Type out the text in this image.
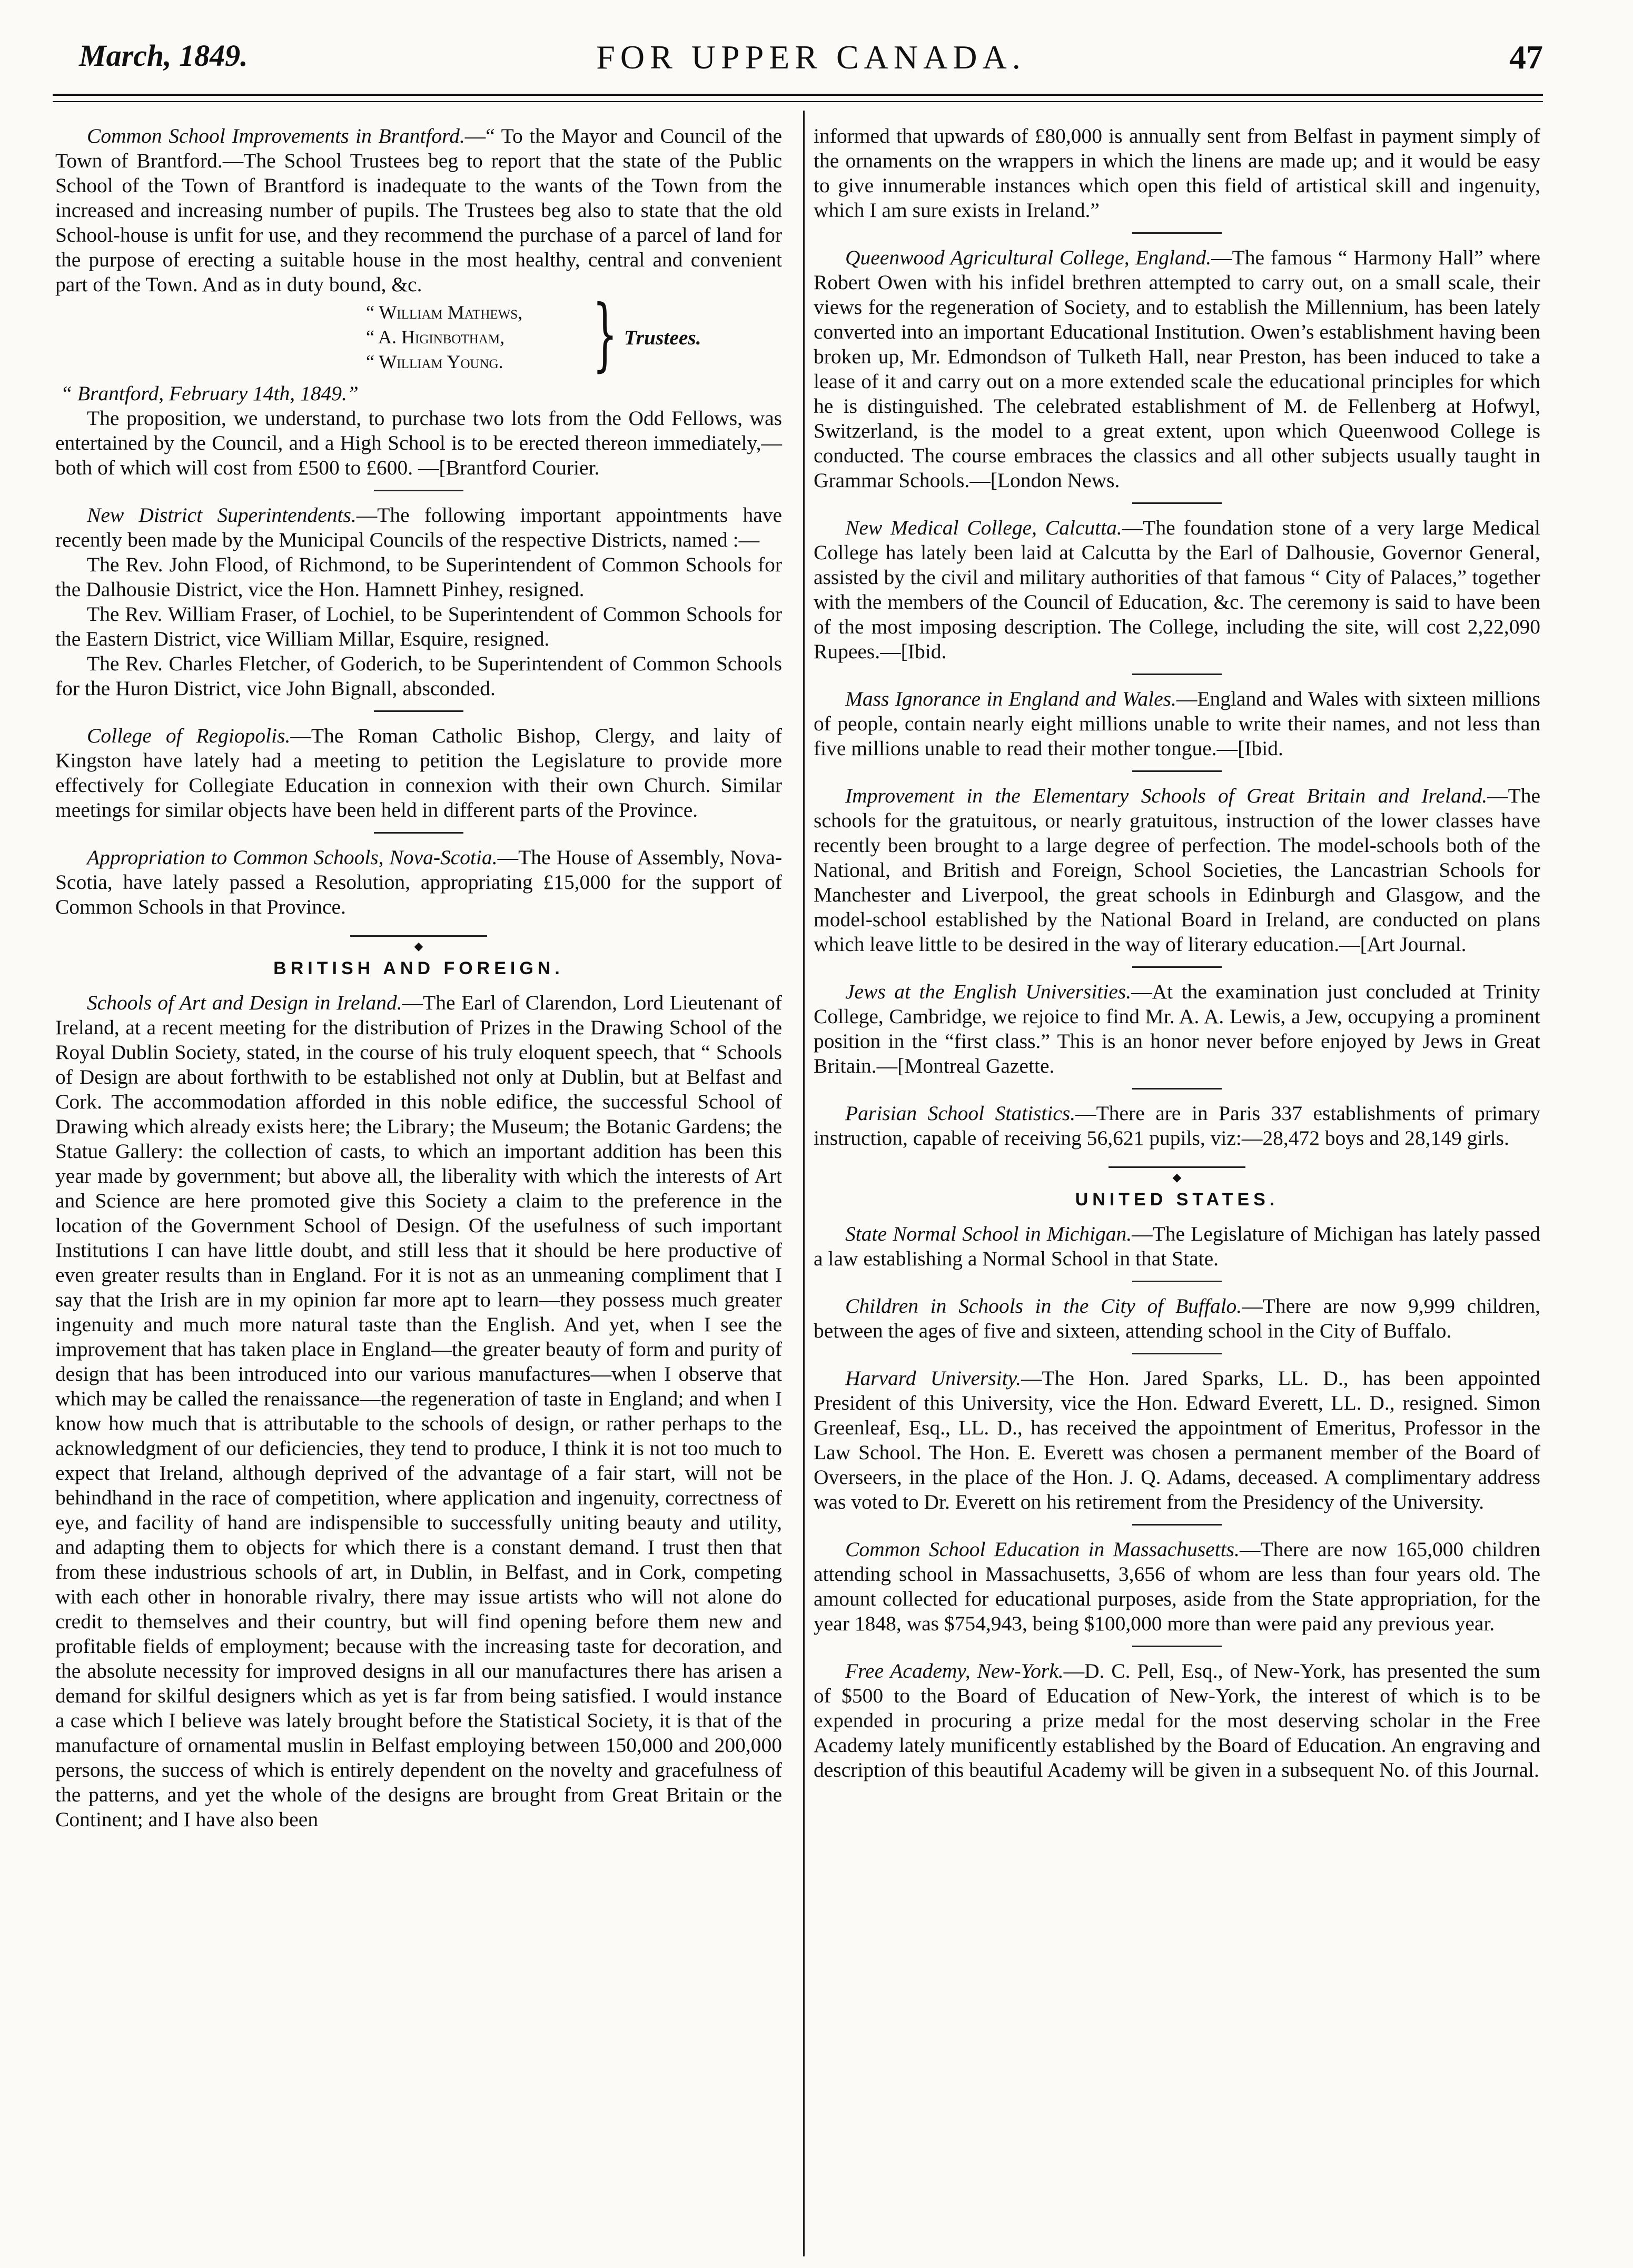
March, 1849.	FOR UPPER CANADA.	47

Common School Improvements in Brantford.—“ To the Mayor and Council of the Town of Brantford.—The School Trustees beg to report that the state of the Public School of the Town of Brantford is inadequate to the wants of the Town from the increased and increasing number of pupils. The Trustees beg also to state that the old School-house is unfit for use, and they recommend the purchase of a parcel of land for the purpose of erecting a suitable house in the most healthy, central and convenient part of the Town. And as in duty bound, &c.

“ William Mathews,
“ A. Higinbotham,
“ William Young. } Trustees.

“ Brantford, February 14th, 1849.”

The proposition, we understand, to purchase two lots from the Odd Fellows, was entertained by the Council, and a High School is to be erected thereon immediately,—both of which will cost from £500 to £600. —[Brantford Courier.

New District Superintendents.—The following important appointments have recently been made by the Municipal Councils of the respective Districts, named :—

The Rev. John Flood, of Richmond, to be Superintendent of Common Schools for the Dalhousie District, vice the Hon. Hamnett Pinhey, resigned.

The Rev. William Fraser, of Lochiel, to be Superintendent of Common Schools for the Eastern District, vice William Millar, Esquire, resigned.

The Rev. Charles Fletcher, of Goderich, to be Superintendent of Common Schools for the Huron District, vice John Bignall, absconded.

College of Regiopolis.—The Roman Catholic Bishop, Clergy, and laity of Kingston have lately had a meeting to petition the Legislature to provide more effectively for Collegiate Education in connexion with their own Church. Similar meetings for similar objects have been held in different parts of the Province.

Appropriation to Common Schools, Nova-Scotia.—The House of Assembly, Nova-Scotia, have lately passed a Resolution, appropriating £15,000 for the support of Common Schools in that Province.

◆
BRITISH AND FOREIGN.

Schools of Art and Design in Ireland.—The Earl of Clarendon, Lord Lieutenant of Ireland, at a recent meeting for the distribution of Prizes in the Drawing School of the Royal Dublin Society, stated, in the course of his truly eloquent speech, that “ Schools of Design are about forthwith to be established not only at Dublin, but at Belfast and Cork. The accommodation afforded in this noble edifice, the successful School of Drawing which already exists here; the Library; the Museum; the Botanic Gardens; the Statue Gallery: the collection of casts, to which an important addition has been this year made by government; but above all, the liberality with which the interests of Art and Science are here promoted give this Society a claim to the preference in the location of the Government School of Design. Of the usefulness of such important Institutions I can have little doubt, and still less that it should be here productive of even greater results than in England. For it is not as an unmeaning compliment that I say that the Irish are in my opinion far more apt to learn—they possess much greater ingenuity and much more natural taste than the English. And yet, when I see the improvement that has taken place in England—the greater beauty of form and purity of design that has been introduced into our various manufactures—when I observe that which may be called the renaissance—the regeneration of taste in England; and when I know how much that is attributable to the schools of design, or rather perhaps to the acknowledgment of our deficiencies, they tend to produce, I think it is not too much to expect that Ireland, although deprived of the advantage of a fair start, will not be behindhand in the race of competition, where application and ingenuity, correctness of eye, and facility of hand are indispensible to successfully uniting beauty and utility, and adapting them to objects for which there is a constant demand. I trust then that from these industrious schools of art, in Dublin, in Belfast, and in Cork, competing with each other in honorable rivalry, there may issue artists who will not alone do credit to themselves and their country, but will find opening before them new and profitable fields of employment; because with the increasing taste for decoration, and the absolute necessity for improved designs in all our manufactures there has arisen a demand for skilful designers which as yet is far from being satisfied. I would instance a case which I believe was lately brought before the Statistical Society, it is that of the manufacture of ornamental muslin in Belfast employing between 150,000 and 200,000 persons, the success of which is entirely dependent on the novelty and gracefulness of the patterns, and yet the whole of the designs are brought from Great Britain or the Continent; and I have also been

informed that upwards of £80,000 is annually sent from Belfast in payment simply of the ornaments on the wrappers in which the linens are made up; and it would be easy to give innumerable instances which open this field of artistical skill and ingenuity, which I am sure exists in Ireland.”

Queenwood Agricultural College, England.—The famous “ Harmony Hall” where Robert Owen with his infidel brethren attempted to carry out, on a small scale, their views for the regeneration of Society, and to establish the Millennium, has been lately converted into an important Educational Institution. Owen’s establishment having been broken up, Mr. Edmondson of Tulketh Hall, near Preston, has been induced to take a lease of it and carry out on a more extended scale the educational principles for which he is distinguished. The celebrated establishment of M. de Fellenberg at Hofwyl, Switzerland, is the model to a great extent, upon which Queenwood College is conducted. The course embraces the classics and all other subjects usually taught in Grammar Schools.—[London News.

New Medical College, Calcutta.—The foundation stone of a very large Medical College has lately been laid at Calcutta by the Earl of Dalhousie, Governor General, assisted by the civil and military authorities of that famous “ City of Palaces,” together with the members of the Council of Education, &c. The ceremony is said to have been of the most imposing description. The College, including the site, will cost 2,22,090 Rupees.—[Ibid.

Mass Ignorance in England and Wales.—England and Wales with sixteen millions of people, contain nearly eight millions unable to write their names, and not less than five millions unable to read their mother tongue.—[Ibid.

Improvement in the Elementary Schools of Great Britain and Ireland.—The schools for the gratuitous, or nearly gratuitous, instruction of the lower classes have recently been brought to a large degree of perfection. The model-schools both of the National, and British and Foreign, School Societies, the Lancastrian Schools for Manchester and Liverpool, the great schools in Edinburgh and Glasgow, and the model-school established by the National Board in Ireland, are conducted on plans which leave little to be desired in the way of literary education.—[Art Journal.

Jews at the English Universities.—At the examination just concluded at Trinity College, Cambridge, we rejoice to find Mr. A. A. Lewis, a Jew, occupying a prominent position in the “first class.” This is an honor never before enjoyed by Jews in Great Britain.—[Montreal Gazette.

Parisian School Statistics.—There are in Paris 337 establishments of primary instruction, capable of receiving 56,621 pupils, viz:—28,472 boys and 28,149 girls.

◆
UNITED STATES.

State Normal School in Michigan.—The Legislature of Michigan has lately passed a law establishing a Normal School in that State.

Children in Schools in the City of Buffalo.—There are now 9,999 children, between the ages of five and sixteen, attending school in the City of Buffalo.

Harvard University.—The Hon. Jared Sparks, LL. D., has been appointed President of this University, vice the Hon. Edward Everett, LL. D., resigned. Simon Greenleaf, Esq., LL. D., has received the appointment of Emeritus, Professor in the Law School. The Hon. E. Everett was chosen a permanent member of the Board of Overseers, in the place of the Hon. J. Q. Adams, deceased. A complimentary address was voted to Dr. Everett on his retirement from the Presidency of the University.

Common School Education in Massachusetts.—There are now 165,000 children attending school in Massachusetts, 3,656 of whom are less than four years old. The amount collected for educational purposes, aside from the State appropriation, for the year 1848, was $754,943, being $100,000 more than were paid any previous year.

Free Academy, New-York.—D. C. Pell, Esq., of New-York, has presented the sum of $500 to the Board of Education of New-York, the interest of which is to be expended in procuring a prize medal for the most deserving scholar in the Free Academy lately munificently established by the Board of Education. An engraving and description of this beautiful Academy will be given in a subsequent No. of this Journal.
